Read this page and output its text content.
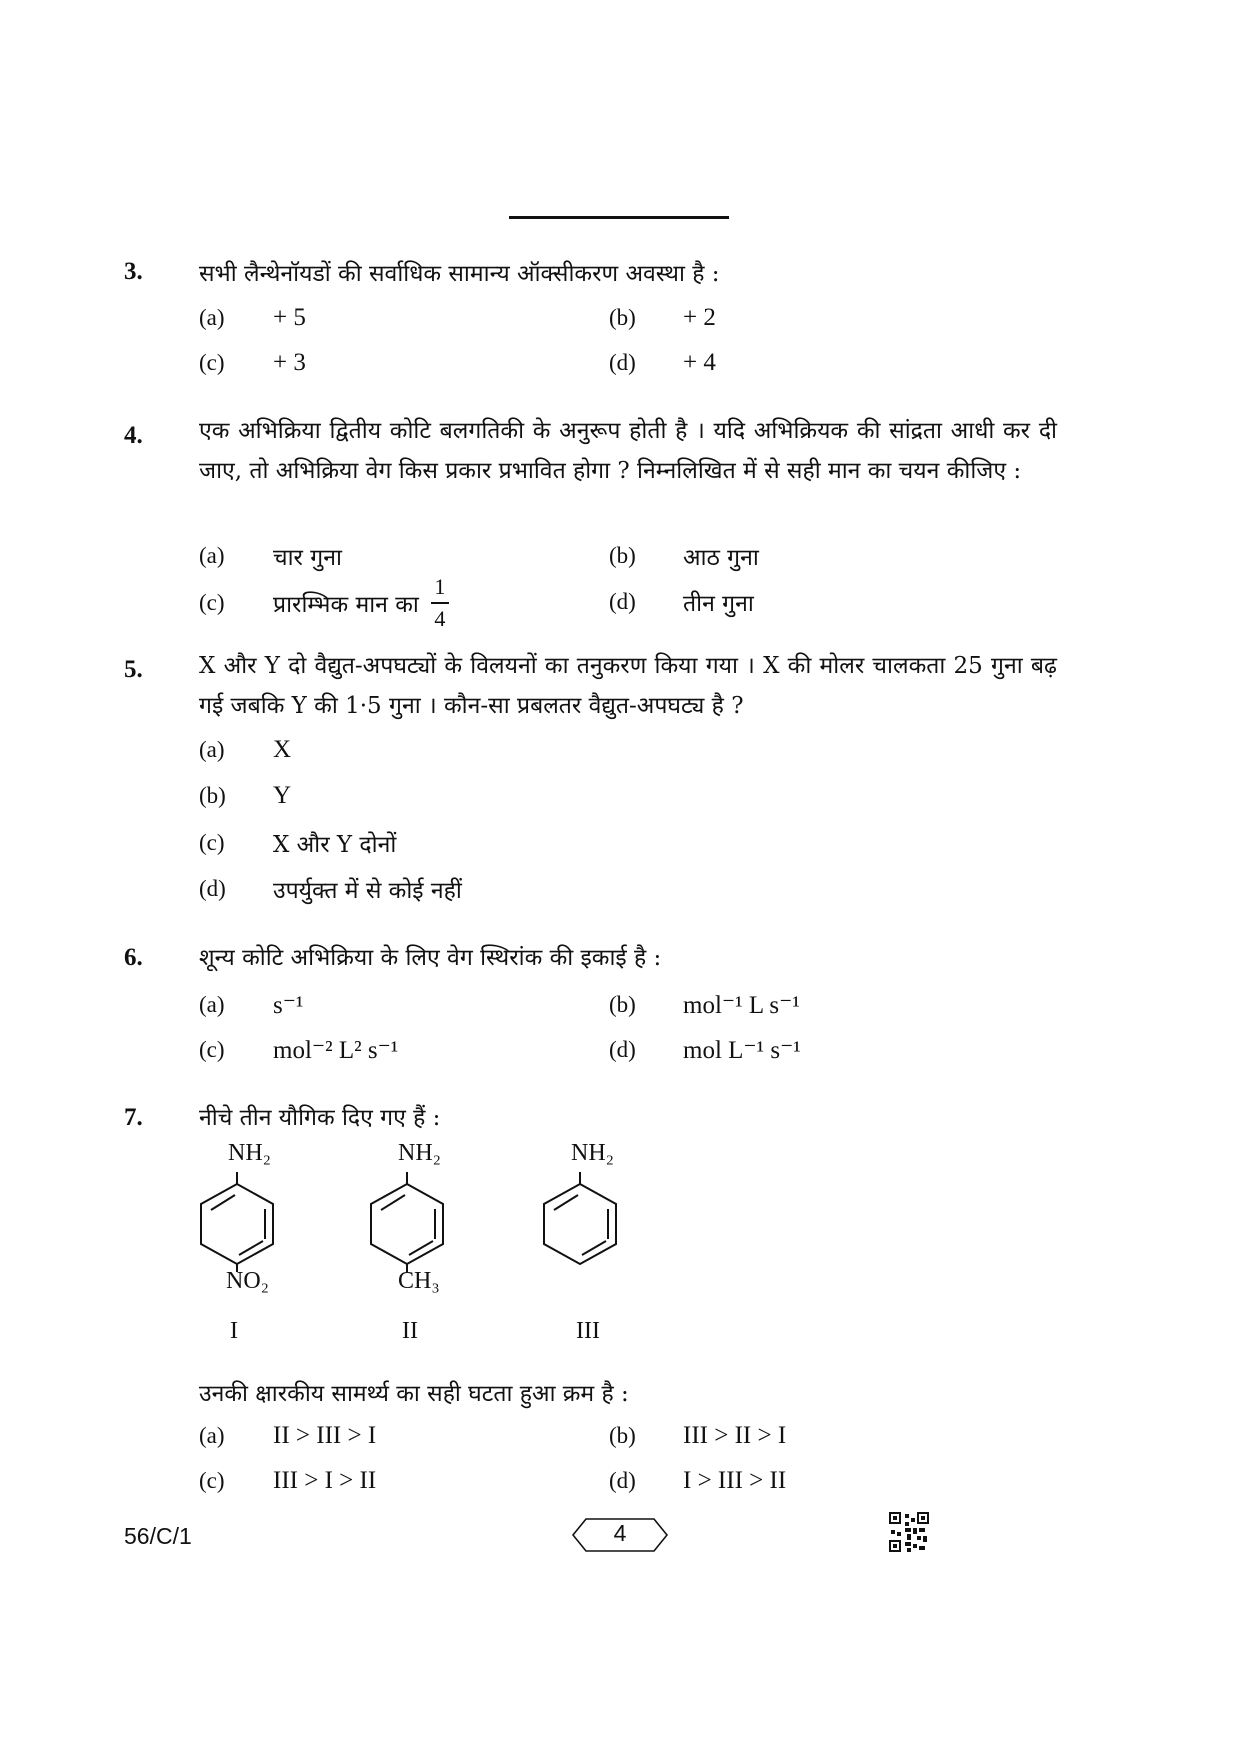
3. सभी लैन्थेनॉयडों की सर्वाधिक सामान्य ऑक्सीकरण अवस्था है :
(a)	+ 5	(b)	+ 2
(c)	+ 3	(d)	+ 4
4. एक अभिक्रिया द्वितीय कोटि बलगतिकी के अनुरूप होती है । यदि अभिक्रियक की सांद्रता आधी कर दी जाए, तो अभिक्रिया वेग किस प्रकार प्रभावित होगा ? निम्नलिखित में से सही मान का चयन कीजिए :
(a)	चार गुना	(b)	आठ गुना
(c)	प्रारम्भिक मान का $\frac{1}{4}$	(d)	तीन गुना
5. X और Y दो वैद्युत-अपघट्यों के विलयनों का तनुकरण किया गया । X की मोलर चालकता 25 गुना बढ़ गई जबकि Y की 1·5 गुना । कौन-सा प्रबलतर वैद्युत-अपघट्य है ?
(a)	X
(b)	Y
(c)	X और Y दोनों
(d)	उपर्युक्त में से कोई नहीं
6. शून्य कोटि अभिक्रिया के लिए वेग स्थिरांक की इकाई है :
(a)	s⁻¹	(b)	mol⁻¹ L s⁻¹
(c)	mol⁻² L² s⁻¹	(d)	mol L⁻¹ s⁻¹
7. नीचे तीन यौगिक दिए गए हैं :
NH₂
NO₂
I
NH₂
CH₃
II
NH₂
III
उनकी क्षारकीय सामर्थ्य का सही घटता हुआ क्रम है :
(a)	II > III > I	(b)	III > II > I
(c)	III > I > II	(d)	I > III > II
56/C/1	4
